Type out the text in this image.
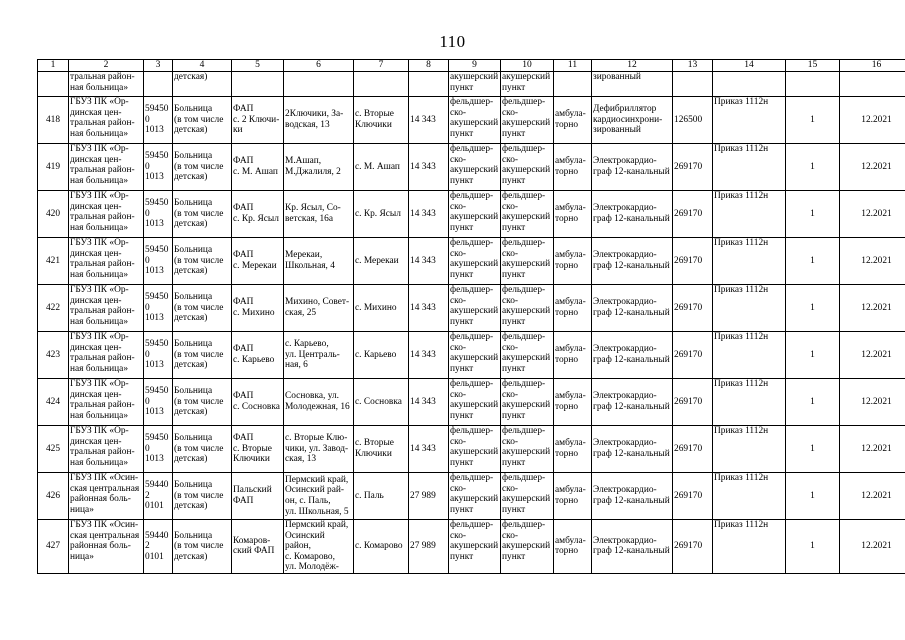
110
1	2	3	4	5	6	7	8	9	10	11	12	13	14	15	16
	тральная район-
ная больница»		детская)					акушерский
пункт	акушерский
пункт		зированный				
418	ГБУЗ ПК «Ор-
динская цен-
тральная район-
ная больница»	594500
1013	Больница
(в том числе
детская)	ФАП
с. 2 Ключи-
ки	2Ключики, За-
водская, 13	с. Вторые
Ключики	14 343	фельдшер-
ско-
акушерский
пункт	фельдшер-
ско-
акушерский
пункт	амбула-
торно	Дефибриллятор
кардиосинхрони-
зированный	126500	Приказ 1112н	1	12.2021
419	ГБУЗ ПК «Ор-
динская цен-
тральная район-
ная больница»	594500
1013	Больница
(в том числе
детская)	ФАП
с. М. Ашап	М.Ашап,
М.Джалиля, 2	с. М. Ашап	14 343	фельдшер-
ско-
акушерский
пункт	фельдшер-
ско-
акушерский
пункт	амбула-
торно	Электрокардио-
граф 12-канальный	269170	Приказ 1112н	1	12.2021
420	ГБУЗ ПК «Ор-
динская цен-
тральная район-
ная больница»	594500
1013	Больница
(в том числе
детская)	ФАП
с. Кр. Ясыл	Кр. Ясыл, Со-
ветская, 16а	с. Кр. Ясыл	14 343	фельдшер-
ско-
акушерский
пункт	фельдшер-
ско-
акушерский
пункт	амбула-
торно	Электрокардио-
граф 12-канальный	269170	Приказ 1112н	1	12.2021
421	ГБУЗ ПК «Ор-
динская цен-
тральная район-
ная больница»	594500
1013	Больница
(в том числе
детская)	ФАП
с. Мерекаи	Мерекаи,
Школьная, 4	с. Мерекаи	14 343	фельдшер-
ско-
акушерский
пункт	фельдшер-
ско-
акушерский
пункт	амбула-
торно	Электрокардио-
граф 12-канальный	269170	Приказ 1112н	1	12.2021
422	ГБУЗ ПК «Ор-
динская цен-
тральная район-
ная больница»	594500
1013	Больница
(в том числе
детская)	ФАП
с. Михино	Михино, Совет-
ская, 25	с. Михино	14 343	фельдшер-
ско-
акушерский
пункт	фельдшер-
ско-
акушерский
пункт	амбула-
торно	Электрокардио-
граф 12-канальный	269170	Приказ 1112н	1	12.2021
423	ГБУЗ ПК «Ор-
динская цен-
тральная район-
ная больница»	594500
1013	Больница
(в том числе
детская)	ФАП
с. Карьево	с. Карьево,
ул. Централь-
ная, 6	с. Карьево	14 343	фельдшер-
ско-
акушерский
пункт	фельдшер-
ско-
акушерский
пункт	амбула-
торно	Электрокардио-
граф 12-канальный	269170	Приказ 1112н	1	12.2021
424	ГБУЗ ПК «Ор-
динская цен-
тральная район-
ная больница»	594500
1013	Больница
(в том числе
детская)	ФАП
с. Сосновка	Сосновка, ул.
Молодежная, 16	с. Сосновка	14 343	фельдшер-
ско-
акушерский
пункт	фельдшер-
ско-
акушерский
пункт	амбула-
торно	Электрокардио-
граф 12-канальный	269170	Приказ 1112н	1	12.2021
425	ГБУЗ ПК «Ор-
динская цен-
тральная район-
ная больница»	594500
1013	Больница
(в том числе
детская)	ФАП
с. Вторые
Ключики	с. Вторые Клю-
чики, ул. Завод-
ская, 13	с. Вторые
Ключики	14 343	фельдшер-
ско-
акушерский
пункт	фельдшер-
ско-
акушерский
пункт	амбула-
торно	Электрокардио-
граф 12-канальный	269170	Приказ 1112н	1	12.2021
426	ГБУЗ ПК «Осин-
ская центральная
районная боль-
ница»	594402
0101	Больница
(в том числе
детская)	Пальский
ФАП	Пермский край,
Осинский рай-
он, с. Паль,
ул. Школьная, 5	с. Паль	27 989	фельдшер-
ско-
акушерский
пункт	фельдшер-
ско-
акушерский
пункт	амбула-
торно	Электрокардио-
граф 12-канальный	269170	Приказ 1112н	1	12.2021
427	ГБУЗ ПК «Осин-
ская центральная
районная боль-
ница»	594402
0101	Больница
(в том числе
детская)	Комаров-
ский ФАП	Пермский край,
Осинский район,
с. Комарово,
ул. Молодёж-	с. Комарово	27 989	фельдшер-
ско-
акушерский
пункт	фельдшер-
ско-
акушерский
пункт	амбула-
торно	Электрокардио-
граф 12-канальный	269170	Приказ 1112н	1	12.2021
